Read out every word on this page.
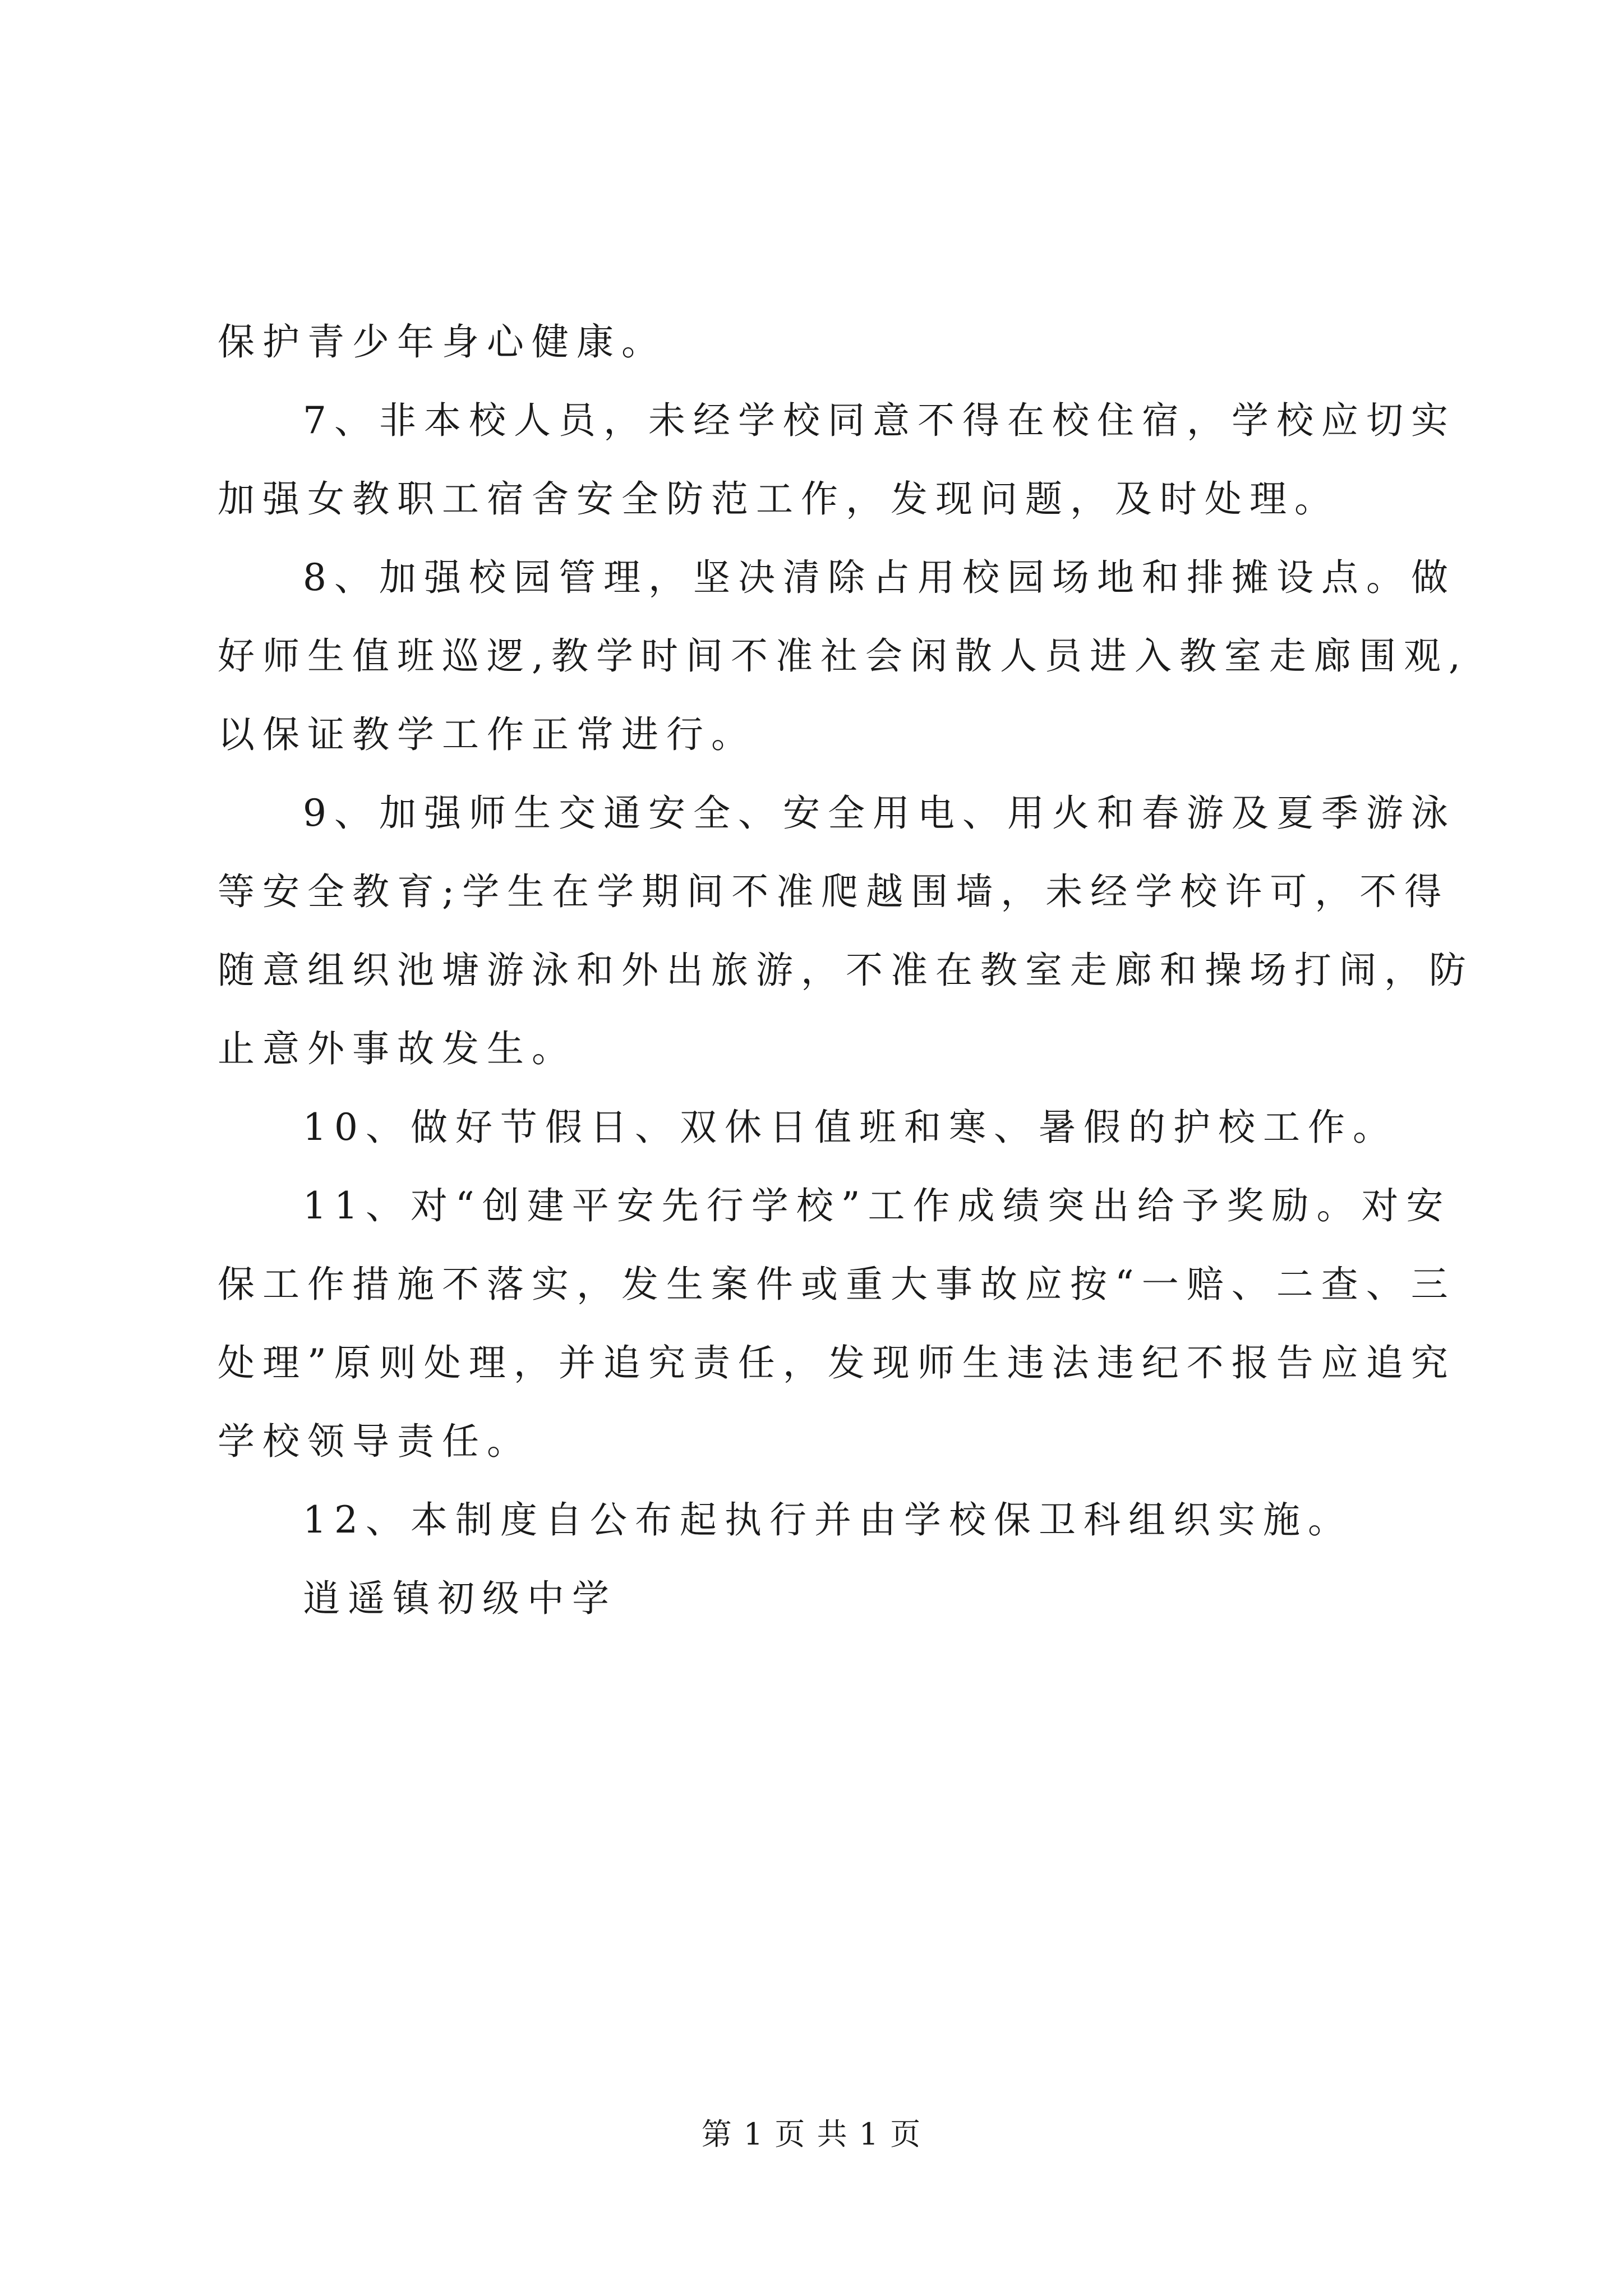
保护青少年身心健康。
7、非本校人员，未经学校同意不得在校住宿，学校应切实
加强女教职工宿舍安全防范工作，发现问题，及时处理。
8、加强校园管理，坚决清除占用校园场地和排摊设点。做
好师生值班巡逻,教学时间不准社会闲散人员进入教室走廊围观,
以保证教学工作正常进行。
9、加强师生交通安全、安全用电、用火和春游及夏季游泳
等安全教育;学生在学期间不准爬越围墙，未经学校许可，不得
随意组织池塘游泳和外出旅游，不准在教室走廊和操场打闹，防
止意外事故发生。
10、做好节假日、双休日值班和寒、暑假的护校工作。
11、对“创建平安先行学校”工作成绩突出给予奖励。对安
保工作措施不落实，发生案件或重大事故应按“一赔、二查、三
处理”原则处理，并追究责任，发现师生违法违纪不报告应追究
学校领导责任。
12、本制度自公布起执行并由学校保卫科组织实施。
逍遥镇初级中学
第 1 页 共 1 页
